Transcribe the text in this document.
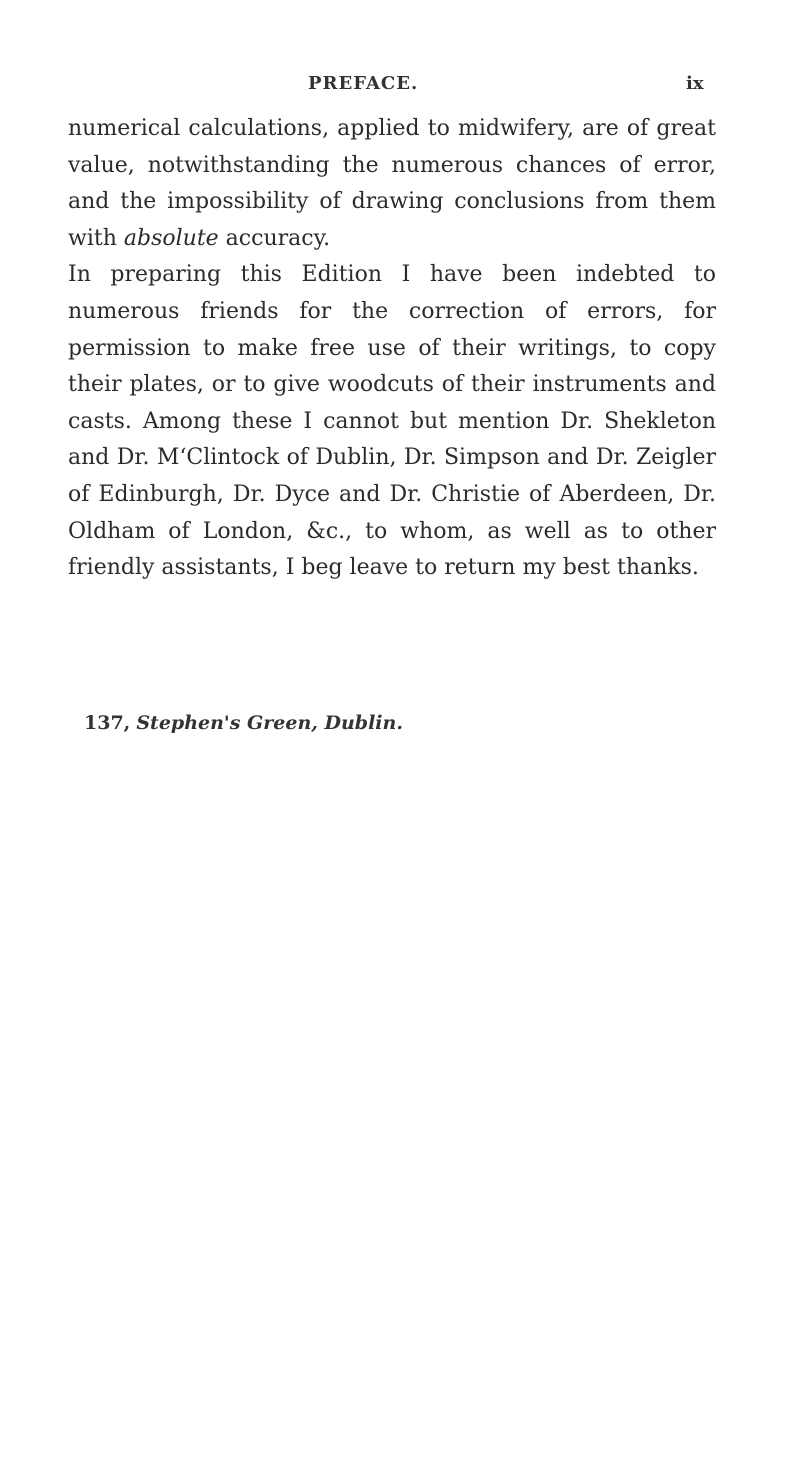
PREFACE.	ix

numerical calculations, applied to midwifery, are of great value, notwithstanding the numerous chances of error, and the impossibility of drawing conclusions from them with absolute accuracy.

In preparing this Edition I have been indebted to numerous friends for the correction of errors, for permission to make free use of their writings, to copy their plates, or to give woodcuts of their instruments and casts. Among these I cannot but mention Dr. Shekleton and Dr. M‘Clintock of Dublin, Dr. Simpson and Dr. Zeigler of Edinburgh, Dr. Dyce and Dr. Christie of Aberdeen, Dr. Oldham of London, &c., to whom, as well as to other friendly assistants, I beg leave to return my best thanks.

137, Stephen's Green, Dublin.
